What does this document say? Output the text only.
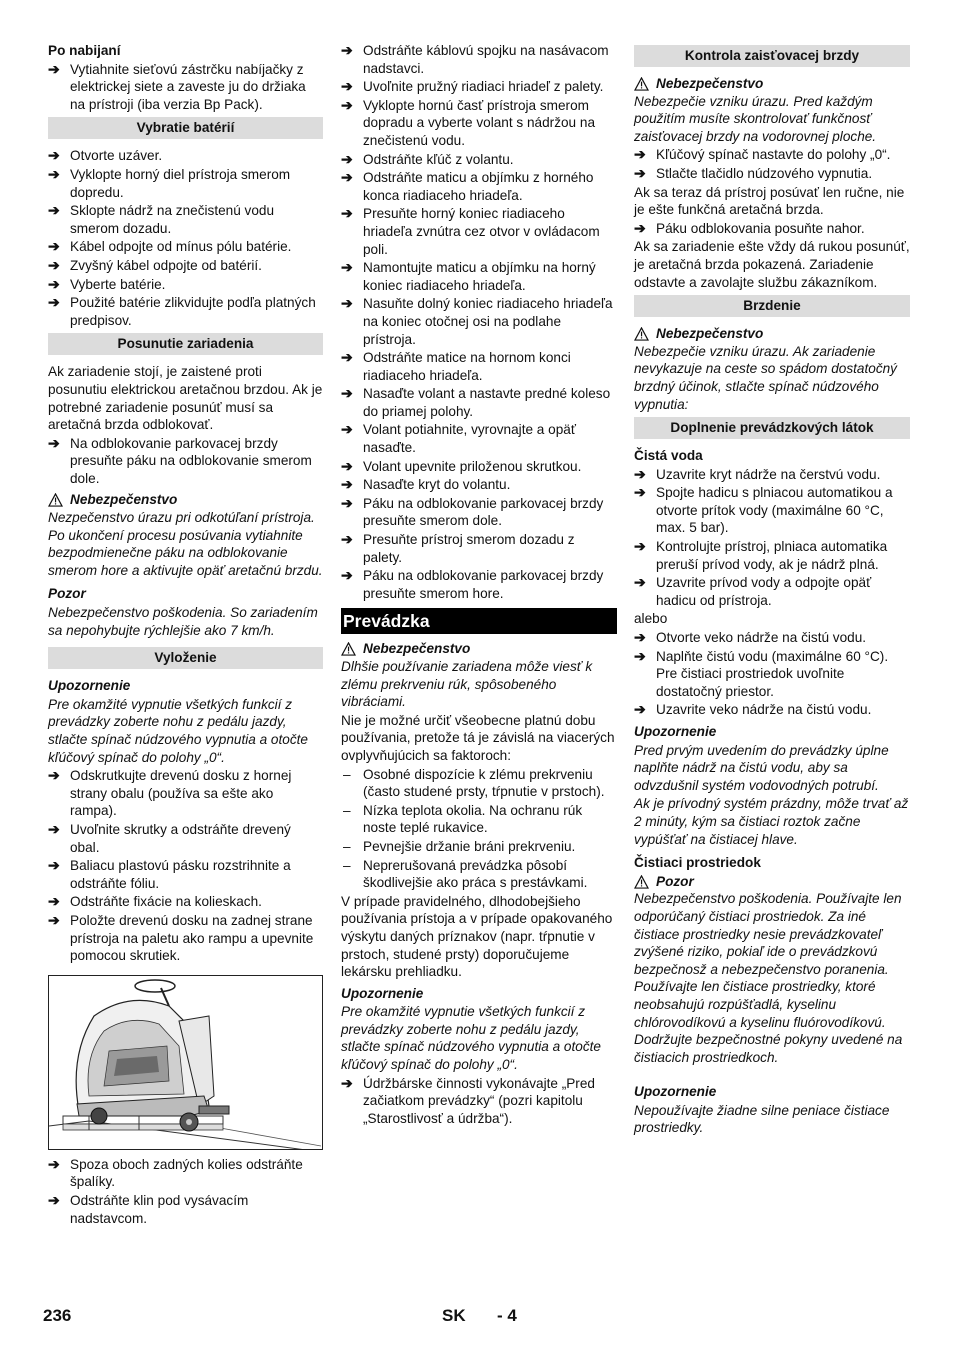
Po nabijaní
➔ Vytiahnite sieťovú zástrčku nabíjačky z elektrickej siete a zaveste ju do držiaka na prístroji (iba verzia Bp Pack).
Vybratie batérií
➔ Otvorte uzáver.
➔ Vyklopte horný diel prístroja smerom dopredu.
➔ Sklopte nádrž na znečistenú vodu smerom dozadu.
➔ Kábel odpojte od mínus pólu batérie.
➔ Zvyšný kábel odpojte od batérií.
➔ Vyberte batérie.
➔ Použité batérie zlikvidujte podľa platných predpisov.
Posunutie zariadenia
Ak zariadenie stojí, je zaistené proti posunutiu elektrickou aretačnou brzdou. Ak je potrebné zariadenie posunúť musí sa aretačná brzda odblokovať.
➔ Na odblokovanie parkovacej brzdy presuňte páku na odblokovanie smerom dole.
Nebezpečenstvo
Nezpečenstvo úrazu pri odkotúľaní prístroja. Po ukončení procesu posúvania vytiahnite bezpodmienečne páku na odblokovanie smerom hore a aktivujte opäť aretačnú brzdu.
Pozor
Nebezpečenstvo poškodenia. So zariadením sa nepohybujte rýchlejšie ako 7 km/h.
Vyloženie
Upozornenie
Pre okamžité vypnutie všetkých funkcií z prevádzky zoberte nohu z pedálu jazdy, stlačte spínač núdzového vypnutia a otočte kľúčový spínač do polohy „0“.
➔ Odskrutkujte drevenú dosku z hornej strany obalu (používa sa ešte ako rampa).
➔ Uvoľnite skrutky a odstráňte drevený obal.
➔ Baliacu plastovú pásku rozstrihnite a odstráňte fóliu.
➔ Odstráňte fixácie na kolieskach.
➔ Položte drevenú dosku na zadnej strane prístroja na paletu ako rampu a upevnite pomocou skrutiek.
➔ Spoza oboch zadných kolies odstráňte špalíky.
➔ Odstráňte klin pod vysávacím nadstavcom.
➔ Odstráňte káblovú spojku na nasávacom nadstavci.
➔ Uvoľnite pružný riadiaci hriadeľ z palety.
➔ Vyklopte hornú časť prístroja smerom dopradu a vyberte volant s nádržou na znečistenú vodu.
➔ Odstráňte kľúč z volantu.
➔ Odstráňte maticu a objímku z horného konca riadiaceho hriadeľa.
➔ Presuňte horný koniec riadiaceho hriadeľa zvnútra cez otvor v ovládacom poli.
➔ Namontujte maticu a objímku na horný koniec riadiaceho hriadeľa.
➔ Nasuňte dolný koniec riadiaceho hriadeľa na koniec otočnej osi na podlahe prístroja.
➔ Odstráňte matice na hornom konci riadiaceho hriadeľa.
➔ Nasaďte volant a nastavte predné koleso do priamej polohy.
➔ Volant potiahnite, vyrovnajte a opäť nasaďte.
➔ Volant upevnite priloženou skrutkou.
➔ Nasaďte kryt do volantu.
➔ Páku na odblokovanie parkovacej brzdy presuňte smerom dole.
➔ Presuňte prístroj smerom dozadu z palety.
➔ Páku na odblokovanie parkovacej brzdy presuňte smerom hore.
Prevádzka
Nebezpečenstvo
Dlhšie používanie zariadena môže viesť k zlému prekrveniu rúk, spôsobeného vibráciami.
Nie je možné určiť všeobecne platnú dobu používania, pretože tá je závislá na viacerých ovplyvňujúcich sa faktoroch:
– Osobné dispozície k zlému prekrveniu (často studené prsty, tŕpnutie v prstoch).
– Nízka teplota okolia. Na ochranu rúk noste teplé rukavice.
– Pevnejšie držanie bráni prekrveniu.
– Neprerušovaná prevádzka pôsobí škodlivejšie ako práca s prestávkami.
V prípade pravidelného, dlhodobejšieho používania prístoja a v prípade opakovaného výskytu daných príznakov (napr. tŕpnutie v prstoch, studené prsty) doporučujeme lekársku prehliadku.
Upozornenie
Pre okamžité vypnutie všetkých funkcií z prevádzky zoberte nohu z pedálu jazdy, stlačte spínač núdzového vypnutia a otočte kľúčový spínač do polohy „0“.
➔ Údržbárske činnosti vykonávajte „Pred začiatkom prevádzky“ (pozri kapitolu „Starostlivosť a údržba“).
Kontrola zaisťovacej brzdy
Nebezpečenstvo
Nebezpečie vzniku úrazu. Pred každým použitím musíte skontrolovať funkčnosť zaisťovacej brzdy na vodorovnej ploche.
➔ Kľúčový spínač nastavte do polohy „0“.
➔ Stlačte tlačidlo núdzového vypnutia.
Ak sa teraz dá prístroj posúvať len ručne, nie je ešte funkčná aretačná brzda.
➔ Páku odblokovania posuňte nahor.
Ak sa zariadenie ešte vždy dá rukou posunúť, je aretačná brzda pokazená. Zariadenie odstavte a zavolajte službu zákazníkom.
Brzdenie
Nebezpečenstvo
Nebezpečie vzniku úrazu. Ak zariadenie nevykazuje na ceste so spádom dostatočný brzdný účinok, stlačte spínač núdzového vypnutia:
Doplnenie prevádzkových látok
Čistá voda
➔ Uzavrite kryt nádrže na čerstvú vodu.
➔ Spojte hadicu s plniacou automatikou a otvorte prítok vody (maximálne 60 °C, max. 5 bar).
➔ Kontrolujte prístroj, plniaca automatika preruší prívod vody, ak je nádrž plná.
➔ Uzavrite prívod vody a odpojte opäť hadicu od prístroja.
alebo
➔ Otvorte veko nádrže na čistú vodu.
➔ Naplňte čistú vodu (maximálne 60 °C). Pre čistiaci prostriedok uvoľnite dostatočný priestor.
➔ Uzavrite veko nádrže na čistú vodu.
Upozornenie
Pred prvým uvedením do prevádzky úplne naplňte nádrž na čistú vodu, aby sa odvzdušnil systém vodovodných potrubí.
Ak je prívodný systém prázdny, môže trvať až 2 minúty, kým sa čistiaci roztok začne vypúšťať na čistiacej hlave.
Čistiaci prostriedok
Pozor
Nebezpečenstvo poškodenia. Používajte len odporúčaný čistiaci prostriedok. Za iné čistiace prostriedky nesie prevádzkovateľ zvýšené riziko, pokiaľ ide o prevádzkovú bezpečnosž a nebezpečenstvo poranenia. Používajte len čistiace prostriedky, ktoré neobsahujú rozpúšťadlá, kyselinu chlórovodíkovú a kyselinu fluórovodíkovú. Dodržujte bezpečnostné pokyny uvedené na čistiacich prostriedkoch.
Upozornenie
Nepoužívajte žiadne silne peniace čistiace prostriedky.
236	SK - 4
